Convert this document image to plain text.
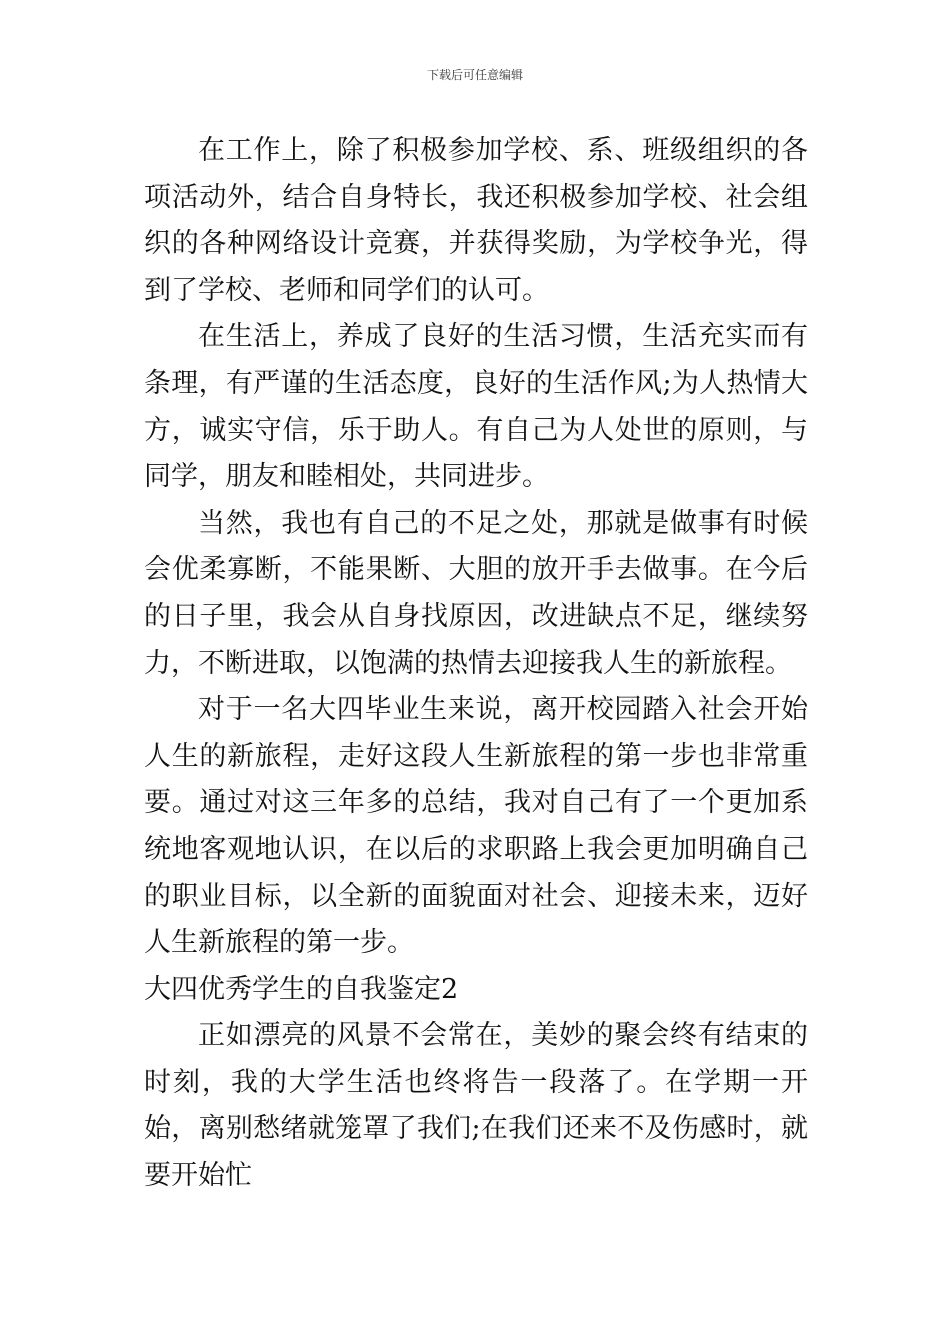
下载后可任意编辑

在工作上，除了积极参加学校、系、班级组织的各项活动外，结合自身特长，我还积极参加学校、社会组织的各种网络设计竞赛，并获得奖励，为学校争光，得到了学校、老师和同学们的认可。

在生活上，养成了良好的生活习惯，生活充实而有条理，有严谨的生活态度，良好的生活作风;为人热情大方，诚实守信，乐于助人。有自己为人处世的原则，与同学，朋友和睦相处，共同进步。

当然，我也有自己的不足之处，那就是做事有时候会优柔寡断，不能果断、大胆的放开手去做事。在今后的日子里，我会从自身找原因，改进缺点不足，继续努力，不断进取，以饱满的热情去迎接我人生的新旅程。

对于一名大四毕业生来说，离开校园踏入社会开始人生的新旅程，走好这段人生新旅程的第一步也非常重要。通过对这三年多的总结，我对自己有了一个更加系统地客观地认识，在以后的求职路上我会更加明确自己的职业目标，以全新的面貌面对社会、迎接未来，迈好人生新旅程的第一步。

大四优秀学生的自我鉴定2

正如漂亮的风景不会常在，美妙的聚会终有结束的时刻，我的大学生活也终将告一段落了。在学期一开始，离别愁绪就笼罩了我们;在我们还来不及伤感时，就要开始忙
